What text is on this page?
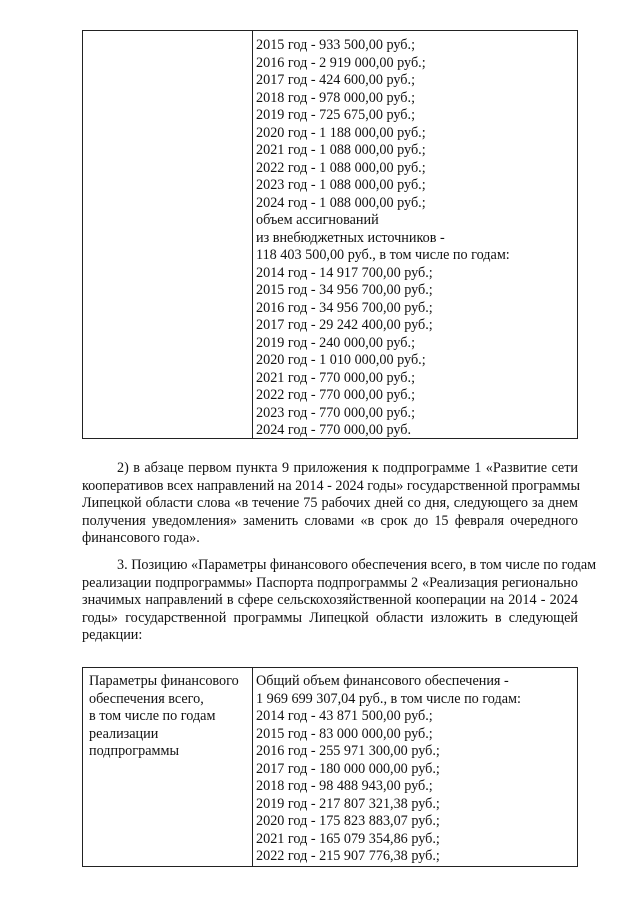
2015 год - 933 500,00 руб.;
2016 год - 2 919 000,00 руб.;
2017 год - 424 600,00 руб.;
2018 год - 978 000,00 руб.;
2019 год - 725 675,00 руб.;
2020 год - 1 188 000,00 руб.;
2021 год - 1 088 000,00 руб.;
2022 год - 1 088 000,00 руб.;
2023 год - 1 088 000,00 руб.;
2024 год - 1 088 000,00 руб.;
объем ассигнований
из внебюджетных источников -
118 403 500,00 руб., в том числе по годам:
2014 год - 14 917 700,00 руб.;
2015 год - 34 956 700,00 руб.;
2016 год - 34 956 700,00 руб.;
2017 год - 29 242 400,00 руб.;
2019 год - 240 000,00 руб.;
2020 год - 1 010 000,00 руб.;
2021 год - 770 000,00 руб.;
2022 год - 770 000,00 руб.;
2023 год - 770 000,00 руб.;
2024 год - 770 000,00 руб.
2) в абзаце первом пункта 9 приложения к подпрограмме 1 «Развитие сети
кооперативов всех направлений на 2014 - 2024 годы» государственной программы
Липецкой области слова «в течение 75 рабочих дней со дня, следующего за днем
получения уведомления» заменить словами «в срок до 15 февраля очередного
финансового года».
3. Позицию «Параметры финансового обеспечения всего, в том числе по годам
реализации подпрограммы» Паспорта подпрограммы 2 «Реализация регионально
значимых направлений в сфере сельскохозяйственной кооперации на 2014 - 2024
годы» государственной программы Липецкой области изложить в следующей
редакции:
Параметры финансового
обеспечения всего,
в том числе по годам
реализации
подпрограммы
Общий объем финансового обеспечения -
1 969 699 307,04 руб., в том числе по годам:
2014 год - 43 871 500,00 руб.;
2015 год - 83 000 000,00 руб.;
2016 год - 255 971 300,00 руб.;
2017 год - 180 000 000,00 руб.;
2018 год - 98 488 943,00 руб.;
2019 год - 217 807 321,38 руб.;
2020 год - 175 823 883,07 руб.;
2021 год - 165 079 354,86 руб.;
2022 год - 215 907 776,38 руб.;
